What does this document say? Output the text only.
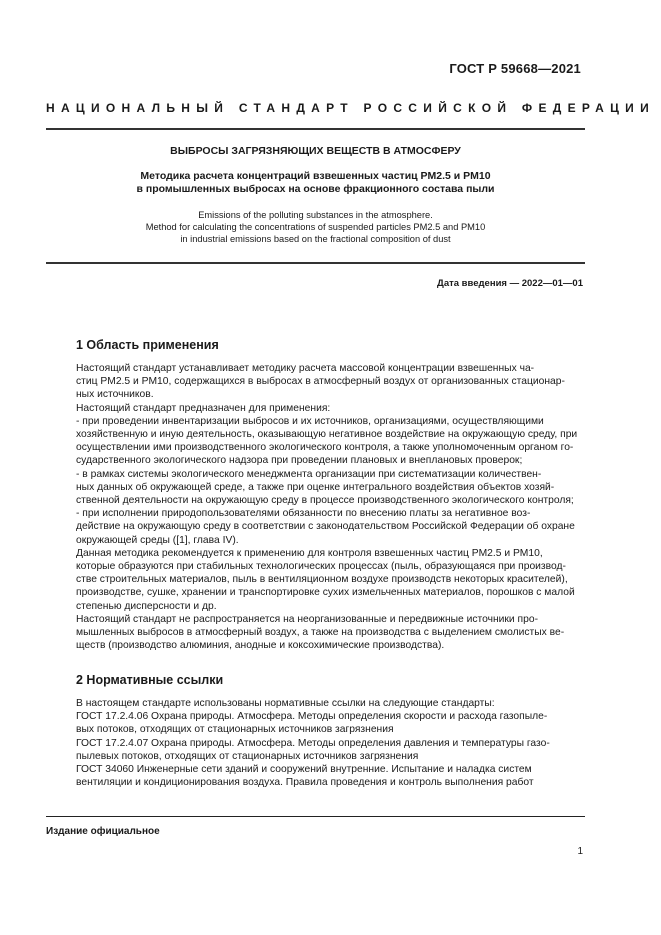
ГОСТ Р 59668—2021
НАЦИОНАЛЬНЫЙ СТАНДАРТ РОССИЙСКОЙ ФЕДЕРАЦИИ
ВЫБРОСЫ ЗАГРЯЗНЯЮЩИХ ВЕЩЕСТВ В АТМОСФЕРУ
Методика расчета концентраций взвешенных частиц PM2.5 и PM10
в промышленных выбросах на основе фракционного состава пыли
Emissions of the polluting substances in the atmosphere.
Method for calculating the concentrations of suspended particles PM2.5 and PM10
in industrial emissions based on the fractional composition of dust
Дата введения — 2022—01—01
1 Область применения
Настоящий стандарт устанавливает методику расчета массовой концентрации взвешенных ча-
стиц PM2.5 и PM10, содержащихся в выбросах в атмосферный воздух от организованных стационар-
ных источников.
Настоящий стандарт предназначен для применения:
- при проведении инвентаризации выбросов и их источников, организациями, осуществляющими
хозяйственную и иную деятельность, оказывающую негативное воздействие на окружающую среду, при
осуществлении ими производственного экологического контроля, а также уполномоченным органом го-
сударственного экологического надзора при проведении плановых и внеплановых проверок;
- в рамках системы экологического менеджмента организации при систематизации количествен-
ных данных об окружающей среде, а также при оценке интегрального воздействия объектов хозяй-
ственной деятельности на окружающую среду в процессе производственного экологического контроля;
- при исполнении природопользователями обязанности по внесению платы за негативное воз-
действие на окружающую среду в соответствии с законодательством Российской Федерации об охране
окружающей среды ([1], глава IV).
Данная методика рекомендуется к применению для контроля взвешенных частиц PM2.5 и PM10,
которые образуются при стабильных технологических процессах (пыль, образующаяся при производ-
стве строительных материалов, пыль в вентиляционном воздухе производств некоторых красителей),
производстве, сушке, хранении и транспортировке сухих измельченных материалов, порошков с малой
степенью дисперсности и др.
Настоящий стандарт не распространяется на неорганизованные и передвижные источники про-
мышленных выбросов в атмосферный воздух, а также на производства с выделением смолистых ве-
ществ (производство алюминия, анодные и коксохимические производства).
2 Нормативные ссылки
В настоящем стандарте использованы нормативные ссылки на следующие стандарты:
ГОСТ 17.2.4.06 Охрана природы. Атмосфера. Методы определения скорости и расхода газопыле-
вых потоков, отходящих от стационарных источников загрязнения
ГОСТ 17.2.4.07 Охрана природы. Атмосфера. Методы определения давления и температуры газо-
пылевых потоков, отходящих от стационарных источников загрязнения
ГОСТ 34060 Инженерные сети зданий и сооружений внутренние. Испытание и наладка систем
вентиляции и кондиционирования воздуха. Правила проведения и контроль выполнения работ
Издание официальное
1
